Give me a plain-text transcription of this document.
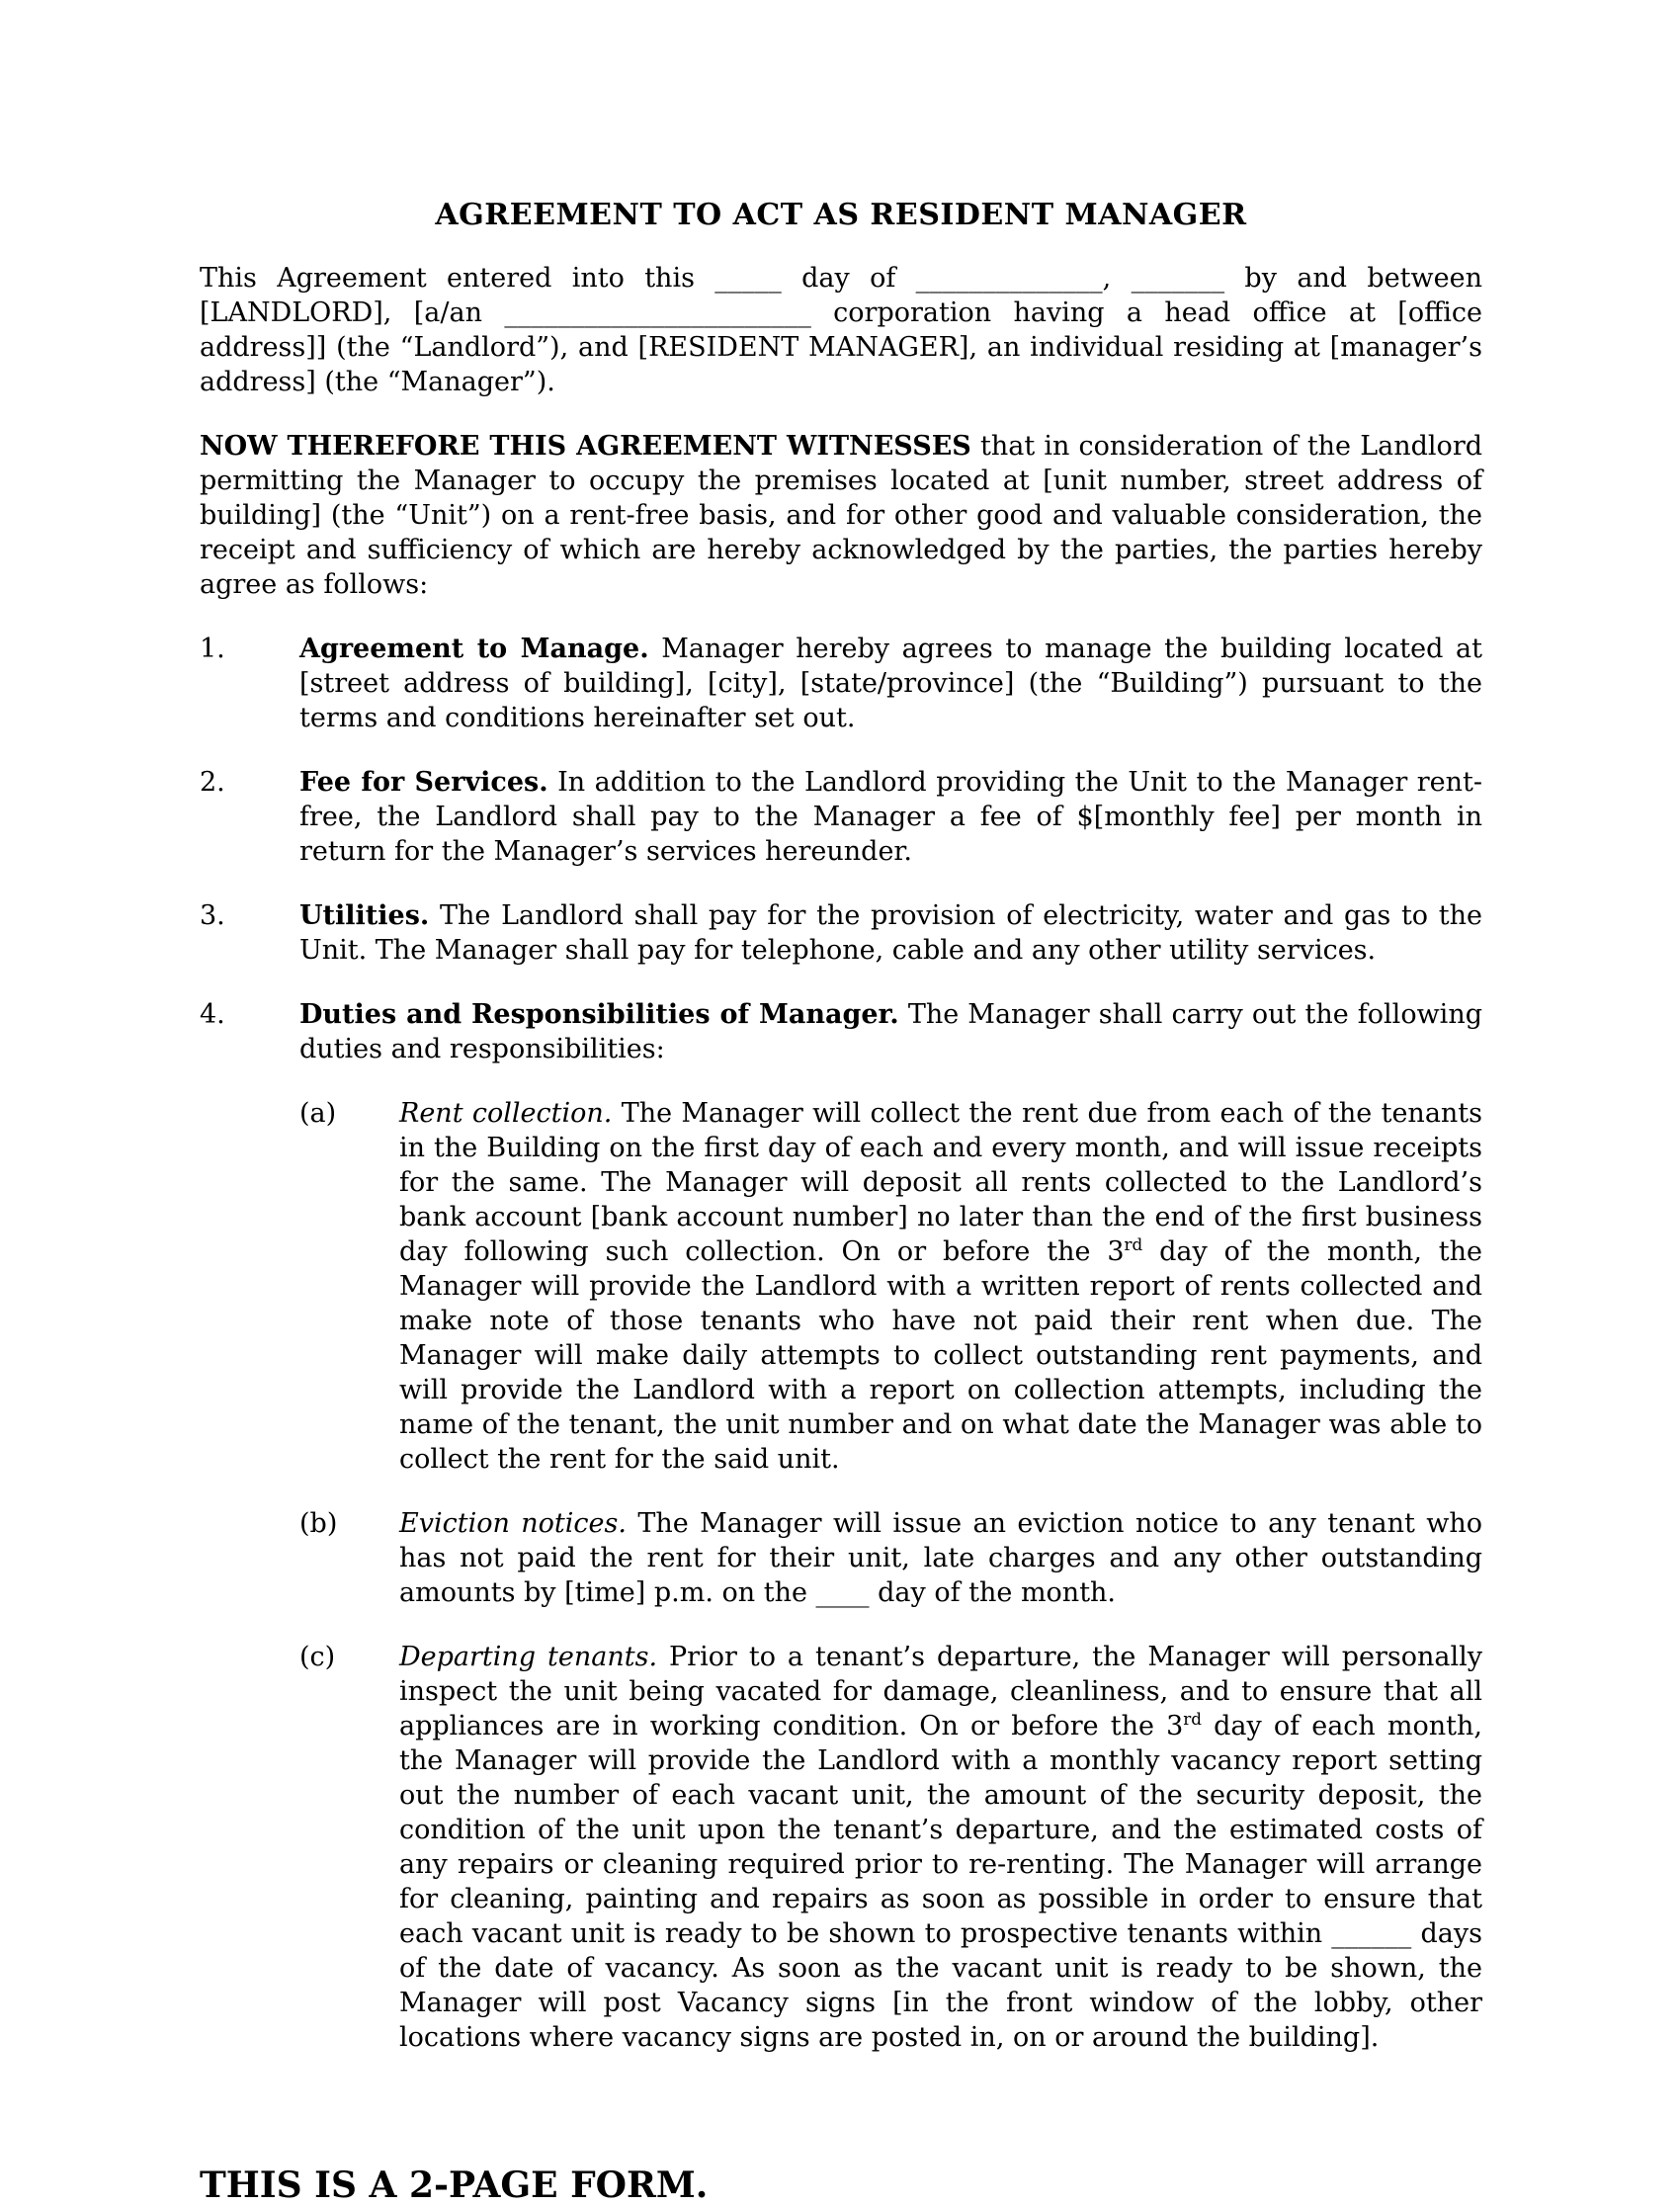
AGREEMENT TO ACT AS RESIDENT MANAGER

This Agreement entered into this _____ day of ______________, _______ by and between [LANDLORD], [a/an _______________________ corporation having a head office at [office address]] (the “Landlord”), and [RESIDENT MANAGER], an individual residing at [manager’s address] (the “Manager”).

NOW THEREFORE THIS AGREEMENT WITNESSES that in consideration of the Landlord permitting the Manager to occupy the premises located at [unit number, street address of building] (the “Unit”) on a rent-free basis, and for other good and valuable consideration, the receipt and sufficiency of which are hereby acknowledged by the parties, the parties hereby agree as follows:

1.	Agreement to Manage. Manager hereby agrees to manage the building located at [street address of building], [city], [state/province] (the “Building”) pursuant to the terms and conditions hereinafter set out.
2.	Fee for Services. In addition to the Landlord providing the Unit to the Manager rent-free, the Landlord shall pay to the Manager a fee of $[monthly fee] per month in return for the Manager’s services hereunder.
3.	Utilities. The Landlord shall pay for the provision of electricity, water and gas to the Unit. The Manager shall pay for telephone, cable and any other utility services.
4.	Duties and Responsibilities of Manager. The Manager shall carry out the following duties and responsibilities:
(a)	Rent collection. The Manager will collect the rent due from each of the tenants in the Building on the first day of each and every month, and will issue receipts for the same. The Manager will deposit all rents collected to the Landlord’s bank account [bank account number] no later than the end of the first business day following such collection. On or before the 3rd day of the month, the Manager will provide the Landlord with a written report of rents collected and make note of those tenants who have not paid their rent when due. The Manager will make daily attempts to collect outstanding rent payments, and will provide the Landlord with a report on collection attempts, including the name of the tenant, the unit number and on what date the Manager was able to collect the rent for the said unit.
(b)	Eviction notices. The Manager will issue an eviction notice to any tenant who has not paid the rent for their unit, late charges and any other outstanding amounts by [time] p.m. on the ____ day of the month.
(c)	Departing tenants. Prior to a tenant’s departure, the Manager will personally inspect the unit being vacated for damage, cleanliness, and to ensure that all appliances are in working condition. On or before the 3rd day of each month, the Manager will provide the Landlord with a monthly vacancy report setting out the number of each vacant unit, the amount of the security deposit, the condition of the unit upon the tenant’s departure, and the estimated costs of any repairs or cleaning required prior to re-renting. The Manager will arrange for cleaning, painting and repairs as soon as possible in order to ensure that each vacant unit is ready to be shown to prospective tenants within ______ days of the date of vacancy. As soon as the vacant unit is ready to be shown, the Manager will post Vacancy signs [in the front window of the lobby, other locations where vacancy signs are posted in, on or around the building].

THIS IS A 2-PAGE FORM.
